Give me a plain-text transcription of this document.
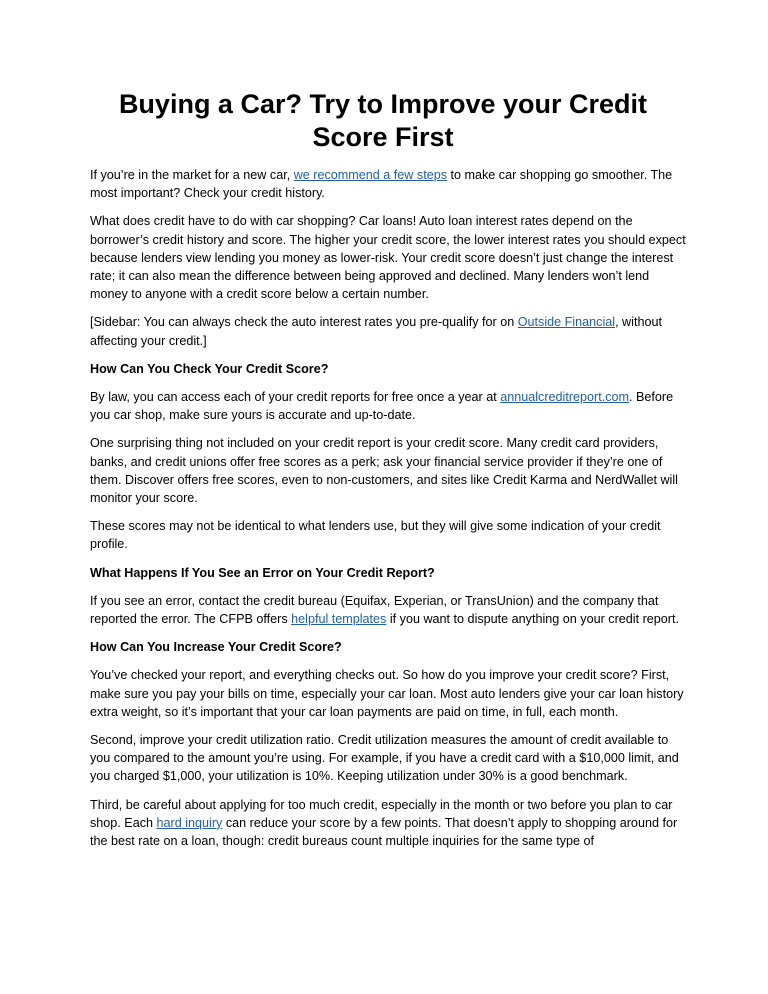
Buying a Car? Try to Improve your Credit Score First

If you’re in the market for a new car, we recommend a few steps to make car shopping go smoother. The most important? Check your credit history.

What does credit have to do with car shopping? Car loans! Auto loan interest rates depend on the borrower’s credit history and score. The higher your credit score, the lower interest rates you should expect because lenders view lending you money as lower-risk. Your credit score doesn’t just change the interest rate; it can also mean the difference between being approved and declined. Many lenders won’t lend money to anyone with a credit score below a certain number.

[Sidebar: You can always check the auto interest rates you pre-qualify for on Outside Financial, without affecting your credit.]

How Can You Check Your Credit Score?

By law, you can access each of your credit reports for free once a year at annualcreditreport.com. Before you car shop, make sure yours is accurate and up-to-date.

One surprising thing not included on your credit report is your credit score. Many credit card providers, banks, and credit unions offer free scores as a perk; ask your financial service provider if they’re one of them. Discover offers free scores, even to non-customers, and sites like Credit Karma and NerdWallet will monitor your score.

These scores may not be identical to what lenders use, but they will give some indication of your credit profile.

What Happens If You See an Error on Your Credit Report?

If you see an error, contact the credit bureau (Equifax, Experian, or TransUnion) and the company that reported the error. The CFPB offers helpful templates if you want to dispute anything on your credit report.

How Can You Increase Your Credit Score?

You’ve checked your report, and everything checks out. So how do you improve your credit score? First, make sure you pay your bills on time, especially your car loan. Most auto lenders give your car loan history extra weight, so it’s important that your car loan payments are paid on time, in full, each month.

Second, improve your credit utilization ratio. Credit utilization measures the amount of credit available to you compared to the amount you’re using. For example, if you have a credit card with a $10,000 limit, and you charged $1,000, your utilization is 10%. Keeping utilization under 30% is a good benchmark.

Third, be careful about applying for too much credit, especially in the month or two before you plan to car shop. Each hard inquiry can reduce your score by a few points. That doesn’t apply to shopping around for the best rate on a loan, though: credit bureaus count multiple inquiries for the same type of
